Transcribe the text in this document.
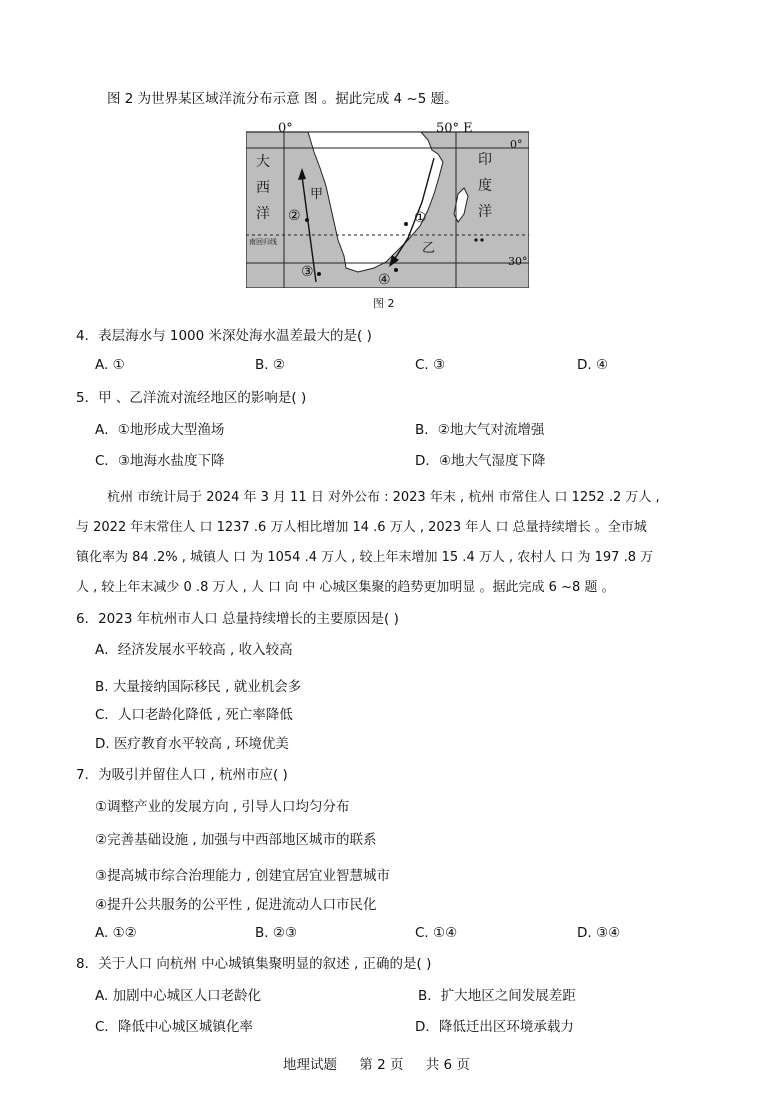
图 2 为世界某区域洋流分布示意 图 。据此完成 4 ~5 题。
0°	50° E
0°
30°
大
西
洋
印
度
洋
南回归线
甲
乙
②
③
①
④
图 2
4．表层海水与 1000 米深处海水温差最大的是( )
A. ①	B. ②	C. ③	D. ④
5．甲 、乙洋流对流经地区的影响是( )
A．①地形成大型渔场	B．②地大气对流增强
C．③地海水盐度下降	D．④地大气湿度下降
杭州 市统计局于 2024 年 3 月 11 日 对外公布 : 2023 年末 , 杭州 市常住人 口 1252 .2 万人 ,
与 2022 年末常住人 口 1237 .6 万人相比增加 14 .6 万人 , 2023 年人 口 总量持续增长 。全市城
镇化率为 84 .2% , 城镇人 口 为 1054 .4 万人 , 较上年末增加 15 .4 万人 , 农村人 口 为 197 .8 万
人 , 较上年末减少 0 .8 万人 , 人 口 向 中 心城区集聚的趋势更加明显 。据此完成 6 ~8 题 。
6．2023 年杭州市人口 总量持续增长的主要原因是( )
A．经济发展水平较高 , 收入较高
B. 大量接纳国际移民 , 就业机会多
C．人口老龄化降低 , 死亡率降低
D. 医疗教育水平较高 , 环境优美
7．为吸引并留住人口 , 杭州市应( )
①调整产业的发展方向 , 引导人口均匀分布
②完善基础设施 , 加强与中西部地区城市的联系
③提高城市综合治理能力 , 创建宜居宜业智慧城市
④提升公共服务的公平性 , 促进流动人口市民化
A. ①②	B. ②③	C. ①④	D. ③④
8．关于人口 向杭州 中心城镇集聚明显的叙述 , 正确的是( )
A. 加剧中心城区人口老龄化	B．扩大地区之间发展差距
C．降低中心城区城镇化率	D．降低迁出区环境承载力
地理试题 第 2 页 共 6 页
